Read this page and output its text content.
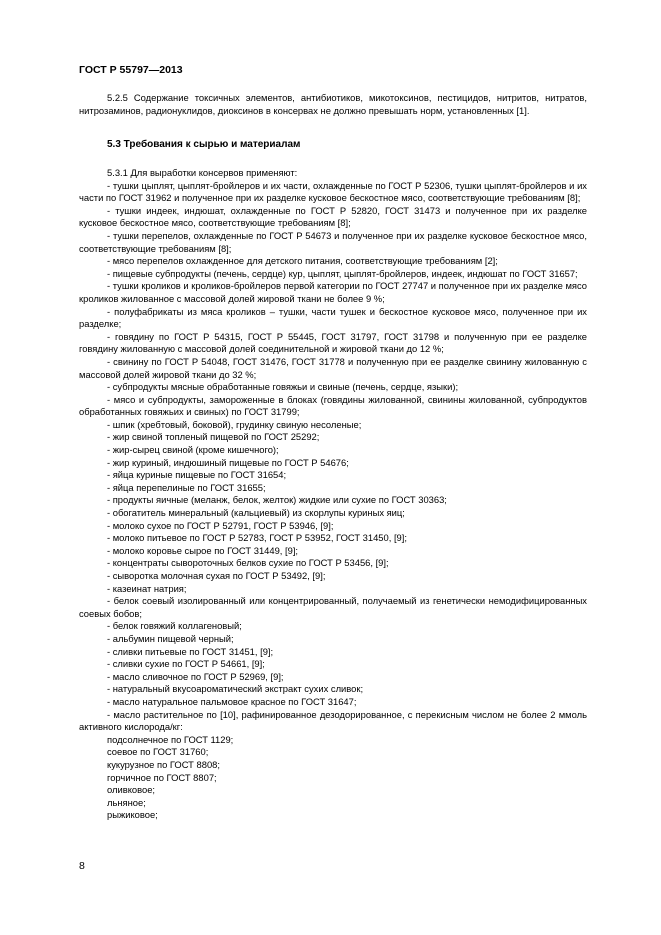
ГОСТ Р 55797—2013

5.2.5 Содержание токсичных элементов, антибиотиков, микотоксинов, пестицидов, нитритов, нитратов, нитрозаминов, радионуклидов, диоксинов в консервах не должно превышать норм, установленных [1].

5.3 Требования к сырью и материалам

5.3.1 Для выработки консервов применяют:

- тушки цыплят, цыплят-бройлеров и их части, охлажденные по ГОСТ Р 52306, тушки цыплят-бройлеров и их части по ГОСТ 31962 и полученное при их разделке кусковое бескостное мясо, соответствующие требованиям [8];

- тушки индеек, индюшат, охлажденные по ГОСТ Р 52820, ГОСТ 31473 и полученное при их разделке кусковое бескостное мясо, соответствующие требованиям [8];

- тушки перепелов, охлажденные по ГОСТ Р 54673 и полученное при их разделке кусковое бескостное мясо, соответствующие требованиям [8];

- мясо перепелов охлажденное для детского питания, соответствующие требованиям [2];

- пищевые субпродукты (печень, сердце) кур, цыплят, цыплят-бройлеров, индеек, индюшат по ГОСТ 31657;

- тушки кроликов и кроликов-бройлеров первой категории по ГОСТ 27747 и полученное при их разделке мясо кроликов жилованное с массовой долей жировой ткани не более 9 %;

- полуфабрикаты из мяса кроликов – тушки, части тушек и бескостное кусковое мясо, полученное при их разделке;

- говядину по ГОСТ Р 54315, ГОСТ Р 55445, ГОСТ 31797, ГОСТ 31798 и полученную при ее разделке говядину жилованную с массовой долей соединительной и жировой ткани до 12 %;

- свинину по ГОСТ Р 54048, ГОСТ 31476, ГОСТ 31778 и полученную при ее разделке свинину жилованную с массовой долей жировой ткани до 32 %;

- субпродукты мясные обработанные говяжьи и свиные (печень, сердце, языки);

- мясо и субпродукты, замороженные в блоках (говядины жилованной, свинины жилованной, субпродуктов обработанных говяжьих и свиных) по ГОСТ 31799;

- шпик (хребтовый, боковой), грудинку свиную несоленые;

- жир свиной топленый пищевой по ГОСТ 25292;

- жир-сырец свиной (кроме кишечного);

- жир куриный, индюшиный пищевые по ГОСТ Р 54676;

- яйца куриные пищевые по ГОСТ 31654;

- яйца перепелиные по ГОСТ 31655;

- продукты яичные (меланж, белок, желток) жидкие или сухие по ГОСТ 30363;

- обогатитель минеральный (кальциевый) из скорлупы куриных яиц;

- молоко сухое по ГОСТ Р 52791, ГОСТ Р 53946, [9];

- молоко питьевое по ГОСТ Р 52783, ГОСТ Р 53952, ГОСТ 31450, [9];

- молоко коровье сырое по ГОСТ 31449, [9];

- концентраты сывороточных белков сухие по ГОСТ Р 53456, [9];

- сыворотка молочная сухая по ГОСТ Р 53492, [9];

- казеинат натрия;

- белок соевый изолированный или концентрированный, получаемый из генетически немодифицированных соевых бобов;

- белок говяжий коллагеновый;

- альбумин пищевой черный;

- сливки питьевые по ГОСТ 31451, [9];

- сливки сухие по ГОСТ Р 54661, [9];

- масло сливочное по ГОСТ Р 52969, [9];

- натуральный вкусоароматический экстракт сухих сливок;

- масло натуральное пальмовое красное по ГОСТ 31647;

- масло растительное по [10], рафинированное дезодорированное, с перекисным числом не более 2 ммоль активного кислорода/кг:

подсолнечное по ГОСТ 1129;

соевое по ГОСТ 31760;

кукурузное по ГОСТ 8808;

горчичное по ГОСТ 8807;

оливковое;

льняное;

рыжиковое;

8
